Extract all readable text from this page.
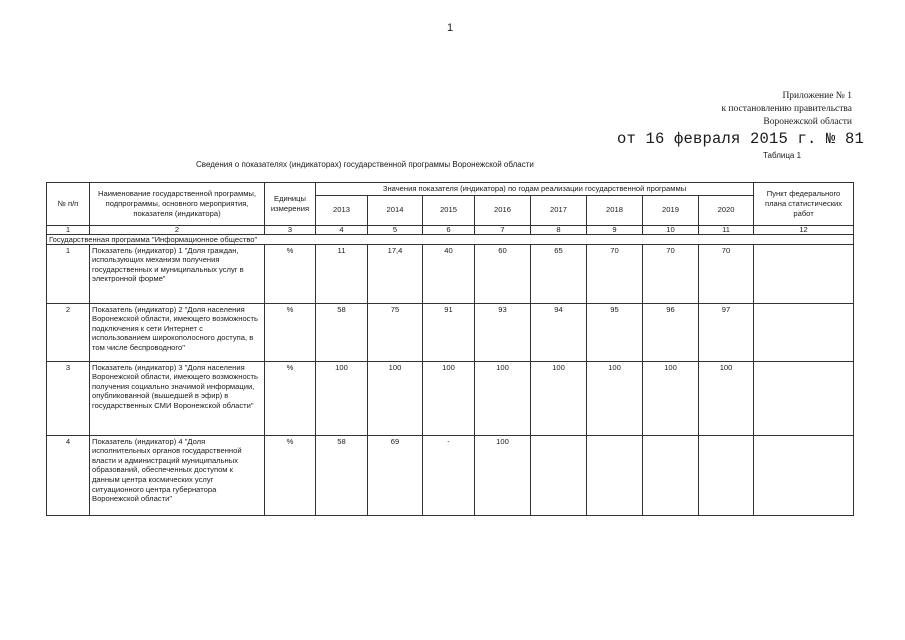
1
Приложение № 1
к постановлению правительства
Воронежской области
от 16 февраля 2015 г. № 81
Таблица 1
Сведения о показателях (индикаторах) государственной программы Воронежской области
№ п/п	Наименование государственной программы, подпрограммы, основного мероприятия, показателя (индикатора)	Единицы измерения	Значения показателя (индикатора) по годам реализации государственной программы								Пункт федерального плана статистических работ
			2013	2014	2015	2016	2017	2018	2019	2020	
1	2	3	4	5	6	7	8	9	10	11	12
Государственная программа "Информационное общество"											
1	Показатель (индикатор) 1 "Доля граждан, использующих механизм получения государственных и муниципальных услуг в электронной форме"	%	11	17,4	40	60	65	70	70	70	
2	Показатель (индикатор) 2 "Доля населения Воронежской области, имеющего возможность подключения к сети Интернет с использованием широкополосного доступа, в том числе беспроводного"	%	58	75	91	93	94	95	96	97	
3	Показатель (индикатор) 3 "Доля населения Воронежской области, имеющего возможность получения социально значимой информации, опубликованной (вышедшей в эфир) в государственных СМИ Воронежской области"	%	100	100	100	100	100	100	100	100	
4	Показатель (индикатор) 4 "Доля исполнительных органов государственной власти и администраций муниципальных образований, обеспеченных доступом к данным центра космических услуг ситуационного центра губернатора Воронежской области"	%	58	69	-	100					
